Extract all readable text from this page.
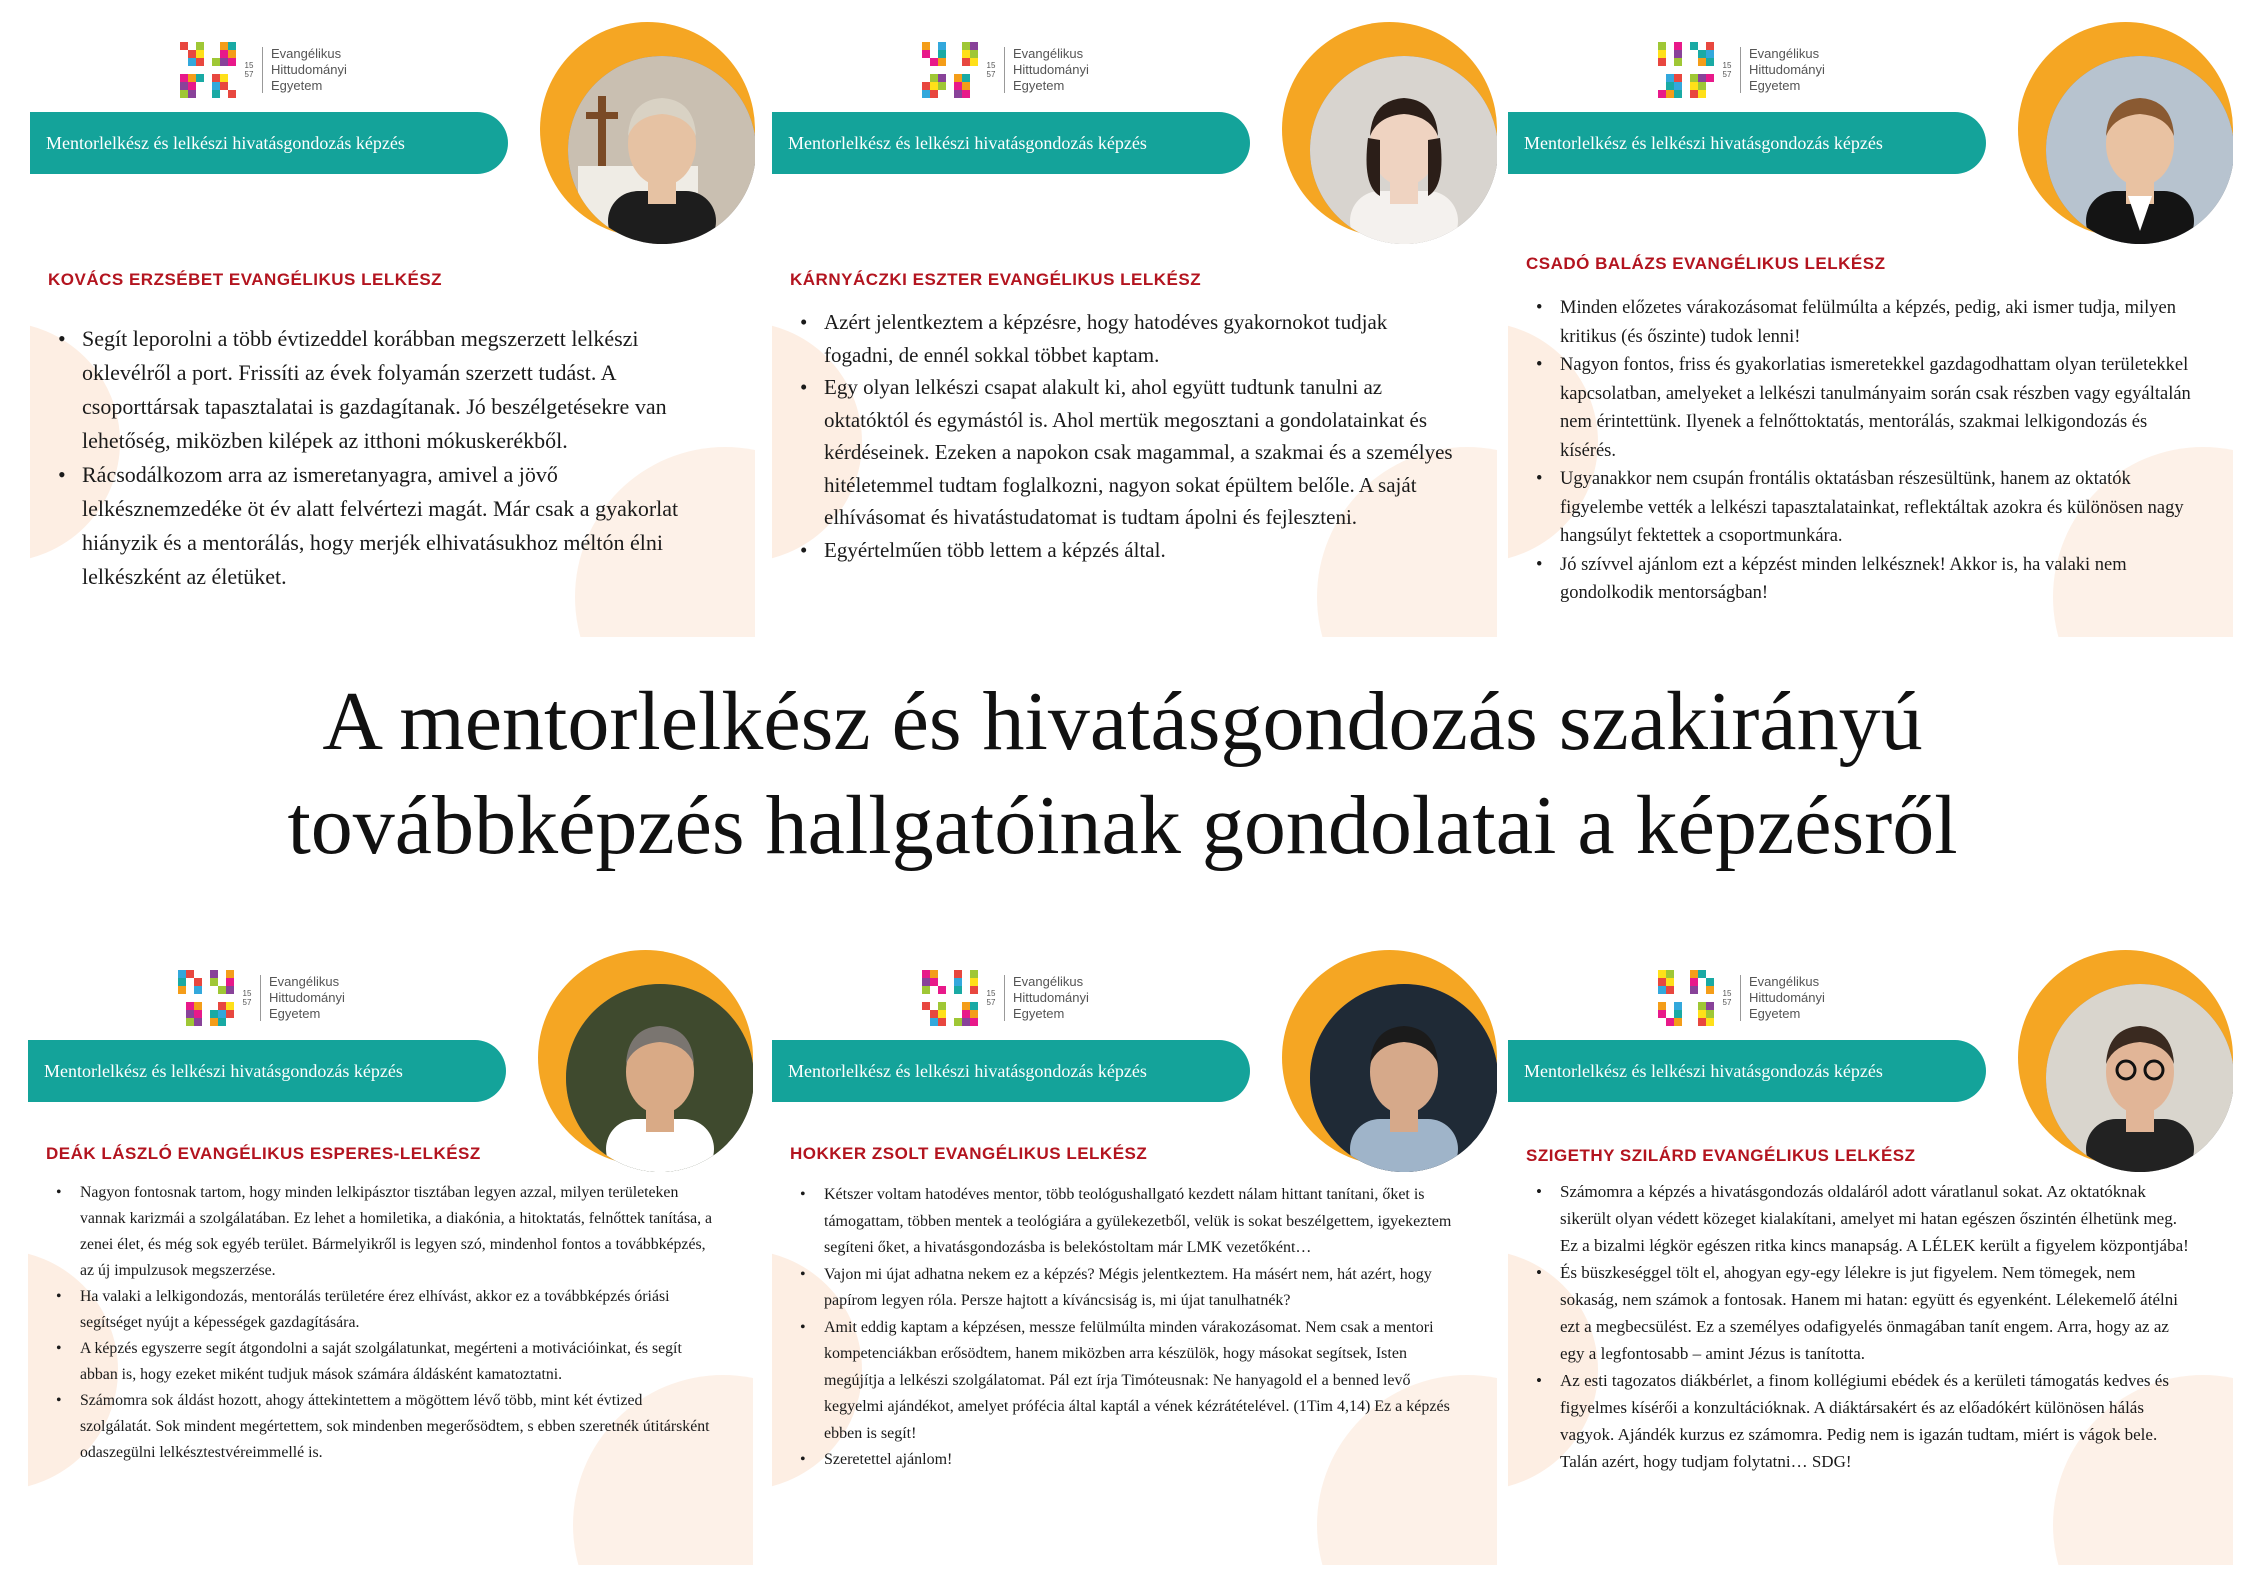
15
57
Evangélikus
Hittudományi
Egyetem
Mentorlelkész és lelkészi hivatásgondozás képzés
KOVÁCS ERZSÉBET EVANGÉLIKUS LELKÉSZ
• Segít leporolni a több évtizeddel korábban megszerzett lelkészi oklevélről a port. Frissíti az évek folyamán szerzett tudást. A csoporttársak tapasztalatai is gazdagítanak. Jó beszélgetésekre van lehetőség, miközben kilépek az itthoni mókuskerékből.
• Rácsodálkozom arra az ismeretanyagra, amivel a jövő lelkésznemzedéke öt év alatt felvértezi magát. Már csak a gyakorlat hiányzik és a mentorálás, hogy merjék elhivatásukhoz méltón élni lelkészként az életüket.
15
57
Evangélikus
Hittudományi
Egyetem
Mentorlelkész és lelkészi hivatásgondozás képzés
KÁRNYÁCZKI ESZTER EVANGÉLIKUS LELKÉSZ
• Azért jelentkeztem a képzésre, hogy hatodéves gyakornokot tudjak fogadni, de ennél sokkal többet kaptam.
• Egy olyan lelkészi csapat alakult ki, ahol együtt tudtunk tanulni az oktatóktól és egymástól is. Ahol mertük megosztani a gondolatainkat és kérdéseinek. Ezeken a napokon csak magammal, a szakmai és a személyes hitéletemmel tudtam foglalkozni, nagyon sokat épültem belőle. A saját elhívásomat és hivatástudatomat is tudtam ápolni és fejleszteni.
• Egyértelműen több lettem a képzés által.
15
57
Evangélikus
Hittudományi
Egyetem
Mentorlelkész és lelkészi hivatásgondozás képzés
CSADÓ BALÁZS EVANGÉLIKUS LELKÉSZ
• Minden előzetes várakozásomat felülmúlta a képzés, pedig, aki ismer tudja, milyen kritikus (és őszinte) tudok lenni!
• Nagyon fontos, friss és gyakorlatias ismeretekkel gazdagodhattam olyan területekkel kapcsolatban, amelyeket a lelkészi tanulmányaim során csak részben vagy egyáltalán nem érintettünk. Ilyenek a felnőttoktatás, mentorálás, szakmai lelkigondozás és kísérés.
• Ugyanakkor nem csupán frontális oktatásban részesültünk, hanem az oktatók figyelembe vették a lelkészi tapasztalatainkat, reflektáltak azokra és különösen nagy hangsúlyt fektettek a csoportmunkára.
• Jó szívvel ajánlom ezt a képzést minden lelkésznek! Akkor is, ha valaki nem gondolkodik mentorságban!
15
57
Evangélikus
Hittudományi
Egyetem
Mentorlelkész és lelkészi hivatásgondozás képzés
DEÁK LÁSZLÓ EVANGÉLIKUS ESPERES-LELKÉSZ
• Nagyon fontosnak tartom, hogy minden lelkipásztor tisztában legyen azzal, milyen területeken vannak karizmái a szolgálatában. Ez lehet a homiletika, a diakónia, a hitoktatás, felnőttek tanítása, a zenei élet, és még sok egyéb terület. Bármelyikről is legyen szó, mindenhol fontos a továbbképzés, az új impulzusok megszerzése.
• Ha valaki a lelkigondozás, mentorálás területére érez elhívást, akkor ez a továbbképzés óriási segítséget nyújt a képességek gazdagítására.
• A képzés egyszerre segít átgondolni a saját szolgálatunkat, megérteni a motivációinkat, és segít abban is, hogy ezeket miként tudjuk mások számára áldásként kamatoztatni.
• Számomra sok áldást hozott, ahogy áttekintettem a mögöttem lévő több, mint két évtized szolgálatát. Sok mindent megértettem, sok mindenben megerősödtem, s ebben szeretnék útitársként odaszegülni lelkésztestvéreimmellé is.
15
57
Evangélikus
Hittudományi
Egyetem
Mentorlelkész és lelkészi hivatásgondozás képzés
HOKKER ZSOLT EVANGÉLIKUS LELKÉSZ
• Kétszer voltam hatodéves mentor, több teológushallgató kezdett nálam hittant tanítani, őket is támogattam, többen mentek a teológiára a gyülekezetből, velük is sokat beszélgettem, igyekeztem segíteni őket, a hivatásgondozásba is belekóstoltam már LMK vezetőként…
• Vajon mi újat adhatna nekem ez a képzés? Mégis jelentkeztem. Ha másért nem, hát azért, hogy papírom legyen róla. Persze hajtott a kíváncsiság is, mi újat tanulhatnék?
• Amit eddig kaptam a képzésen, messze felülmúlta minden várakozásomat. Nem csak a mentori kompetenciákban erősödtem, hanem miközben arra készülök, hogy másokat segítsek, Isten megújítja a lelkészi szolgálatomat. Pál ezt írja Timóteusnak: Ne hanyagold el a benned levő kegyelmi ajándékot, amelyet prófécia által kaptál a vének kézrátételével. (1Tim 4,14) Ez a képzés ebben is segít!
• Szeretettel ajánlom!
15
57
Evangélikus
Hittudományi
Egyetem
Mentorlelkész és lelkészi hivatásgondozás képzés
SZIGETHY SZILÁRD EVANGÉLIKUS LELKÉSZ
• Számomra a képzés a hivatásgondozás oldaláról adott váratlanul sokat. Az oktatóknak sikerült olyan védett közeget kialakítani, amelyet mi hatan egészen őszintén élhetünk meg. Ez a bizalmi légkör egészen ritka kincs manapság. A LÉLEK került a figyelem központjába!
• És büszkeséggel tölt el, ahogyan egy-egy lélekre is jut figyelem. Nem tömegek, nem sokaság, nem számok a fontosak. Hanem mi hatan: együtt és egyenként. Lélekemelő átélni ezt a megbecsülést. Ez a személyes odafigyelés önmagában tanít engem. Arra, hogy az az egy a legfontosabb – amint Jézus is tanította.
• Az esti tagozatos diákbérlet, a finom kollégiumi ebédek és a kerületi támogatás kedves és figyelmes kísérői a konzultációknak. A diáktársakért és az előadókért különösen hálás vagyok. Ajándék kurzus ez számomra. Pedig nem is igazán tudtam, miért is vágok bele. Talán azért, hogy tudjam folytatni… SDG!
A mentorlelkész és hivatásgondozás szakirányú
továbbképzés hallgatóinak gondolatai a képzésről
